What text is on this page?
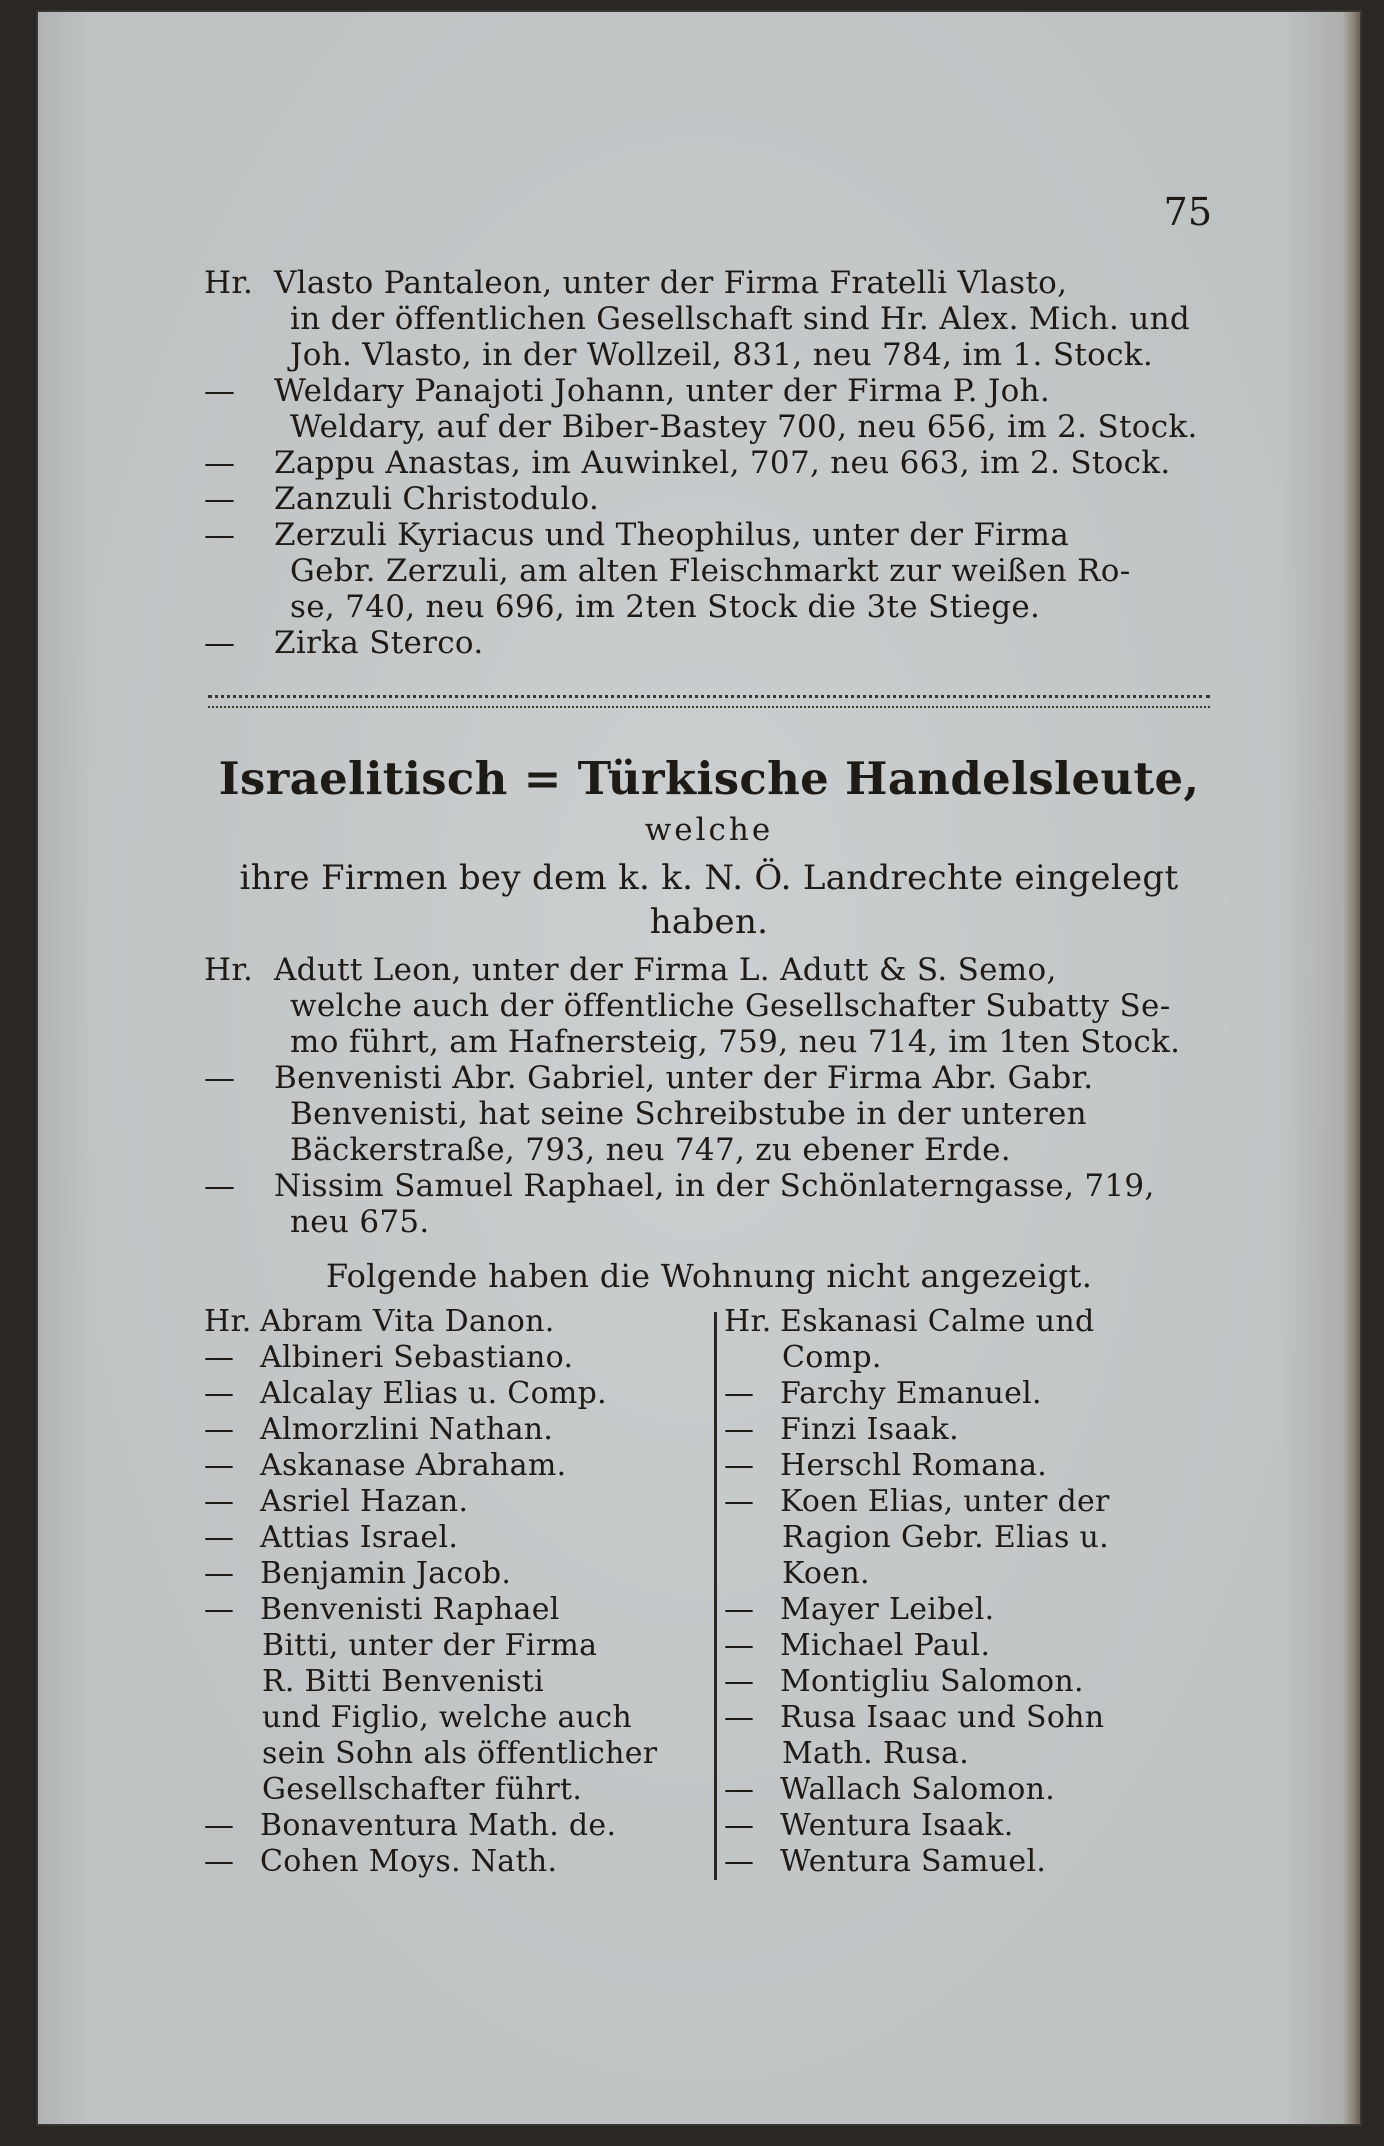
75
Hr. Vlasto Pantaleon, unter der Firma Fratelli Vlasto,
in der öffentlichen Gesellschaft sind Hr. Alex. Mich. und
Joh. Vlasto, in der Wollzeil, 831, neu 784, im 1. Stock.
— Weldary Panajoti Johann, unter der Firma P. Joh.
Weldary, auf der Biber-Bastey 700, neu 656, im 2. Stock.
— Zappu Anastas, im Auwinkel, 707, neu 663, im 2. Stock.
— Zanzuli Christodulo.
— Zerzuli Kyriacus und Theophilus, unter der Firma
Gebr. Zerzuli, am alten Fleischmarkt zur weißen Ro-
se, 740, neu 696, im 2ten Stock die 3te Stiege.
— Zirka Sterco.
Israelitisch = Türkische Handelsleute,
welche
ihre Firmen bey dem k. k. N. Ö. Landrechte eingelegt haben.
Hr. Adutt Leon, unter der Firma L. Adutt & S. Semo,
welche auch der öffentliche Gesellschafter Subatty Se-
mo führt, am Hafnersteig, 759, neu 714, im 1ten Stock.
— Benvenisti Abr. Gabriel, unter der Firma Abr. Gabr.
Benvenisti, hat seine Schreibstube in der unteren
Bäckerstraße, 793, neu 747, zu ebener Erde.
— Nissim Samuel Raphael, in der Schönlaterngasse, 719,
neu 675.
Folgende haben die Wohnung nicht angezeigt.
Hr. Abram Vita Danon.
— Albineri Sebastiano.
— Alcalay Elias u. Comp.
— Almorzlini Nathan.
— Askanase Abraham.
— Asriel Hazan.
— Attias Israel.
— Benjamin Jacob.
— Benvenisti Raphael
Bitti, unter der Firma
R. Bitti Benvenisti
und Figlio, welche auch
sein Sohn als öffentlicher
Gesellschafter führt.
— Bonaventura Math. de.
— Cohen Moys. Nath.
Hr. Eskanasi Calme und
Comp.
— Farchy Emanuel.
— Finzi Isaak.
— Herschl Romana.
— Koen Elias, unter der
Ragion Gebr. Elias u.
Koen.
— Mayer Leibel.
— Michael Paul.
— Montigliu Salomon.
— Rusa Isaac und Sohn
Math. Rusa.
— Wallach Salomon.
— Wentura Isaak.
— Wentura Samuel.
